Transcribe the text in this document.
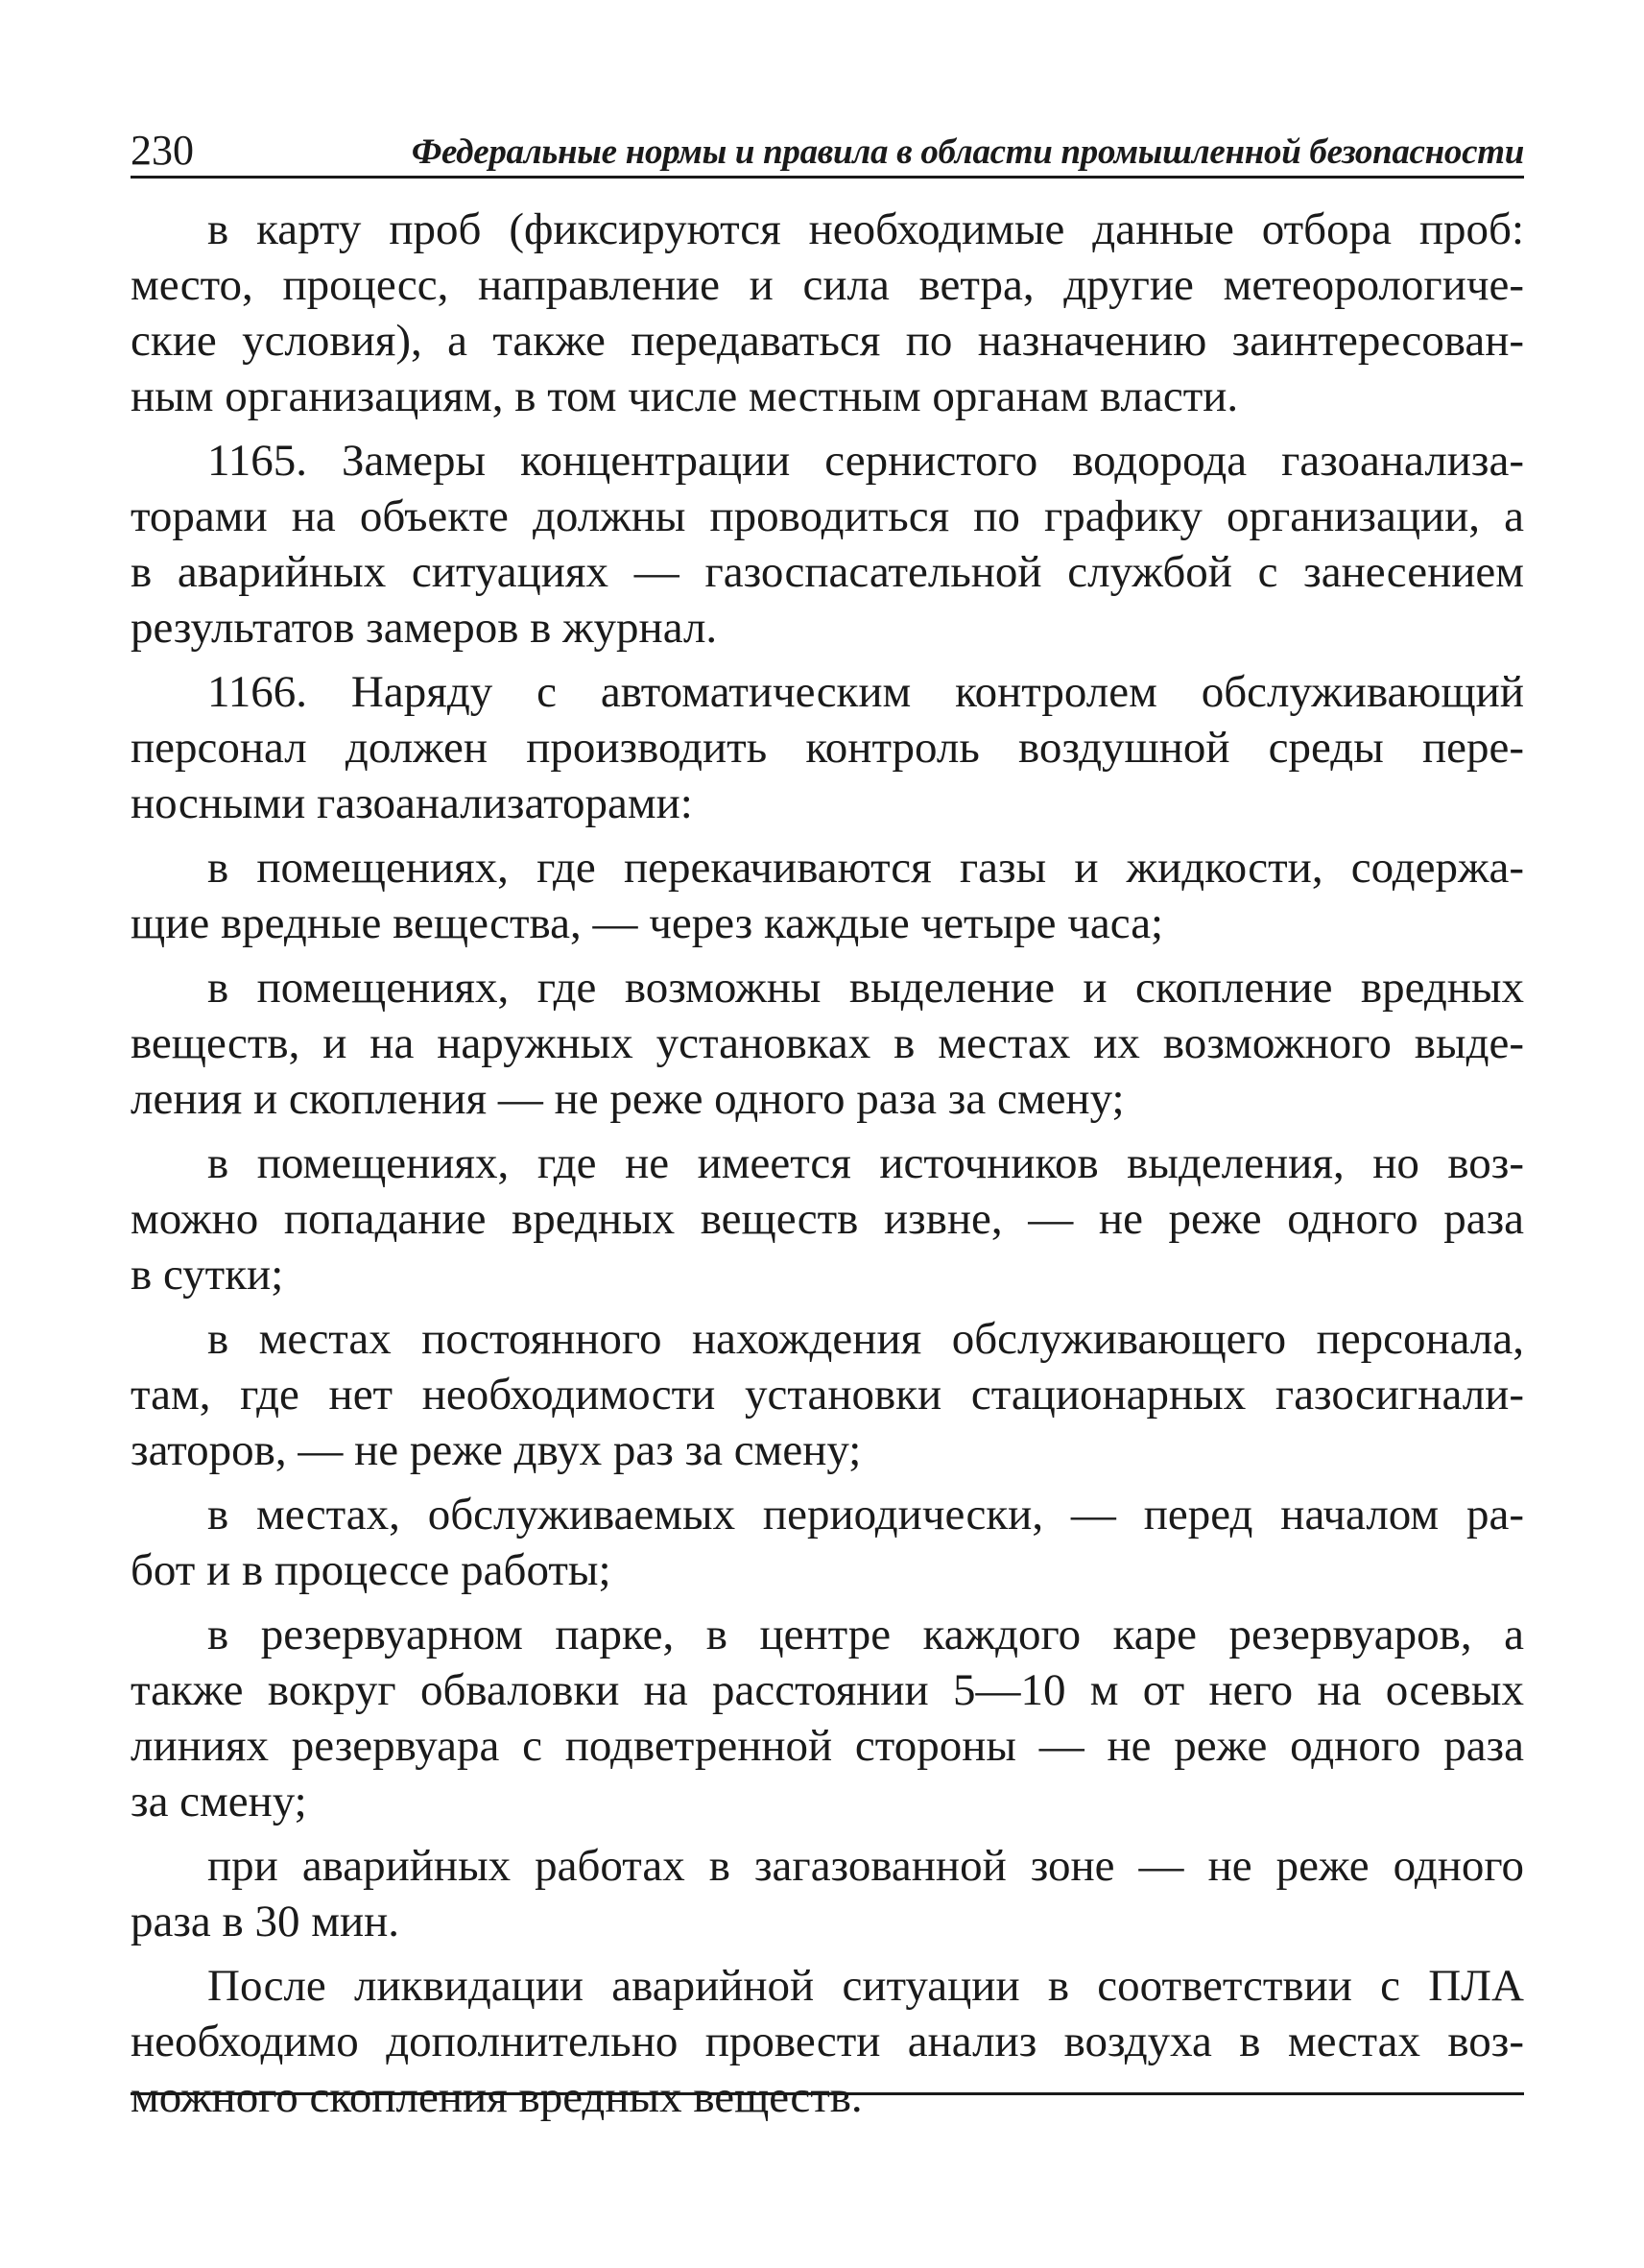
230	Федеральные нормы и правила в области промышленной безопасности
в карту проб (фиксируются необходимые данные отбора проб:
место, процесс, направление и сила ветра, другие метеорологиче-
ские условия), а также передаваться по назначению заинтересован-
ным организациям, в том числе местным органам власти.
1165. Замеры концентрации сернистого водорода газоанализа-
торами на объекте должны проводиться по графику организации, а
в аварийных ситуациях — газоспасательной службой с занесением
результатов замеров в журнал.
1166. Наряду с автоматическим контролем обслуживающий
персонал должен производить контроль воздушной среды пере-
носными газоанализаторами:
в помещениях, где перекачиваются газы и жидкости, содержа-
щие вредные вещества, — через каждые четыре часа;
в помещениях, где возможны выделение и скопление вредных
веществ, и на наружных установках в местах их возможного выде-
ления и скопления — не реже одного раза за смену;
в помещениях, где не имеется источников выделения, но воз-
можно попадание вредных веществ извне, — не реже одного раза
в сутки;
в местах постоянного нахождения обслуживающего персонала,
там, где нет необходимости установки стационарных газосигнали-
заторов, — не реже двух раз за смену;
в местах, обслуживаемых периодически, — перед началом ра-
бот и в процессе работы;
в резервуарном парке, в центре каждого каре резервуаров, а
также вокруг обваловки на расстоянии 5—10 м от него на осевых
линиях резервуара с подветренной стороны — не реже одного раза
за смену;
при аварийных работах в загазованной зоне — не реже одного
раза в 30 мин.
После ликвидации аварийной ситуации в соответствии с ПЛА
необходимо дополнительно провести анализ воздуха в местах воз-
можного скопления вредных веществ.
